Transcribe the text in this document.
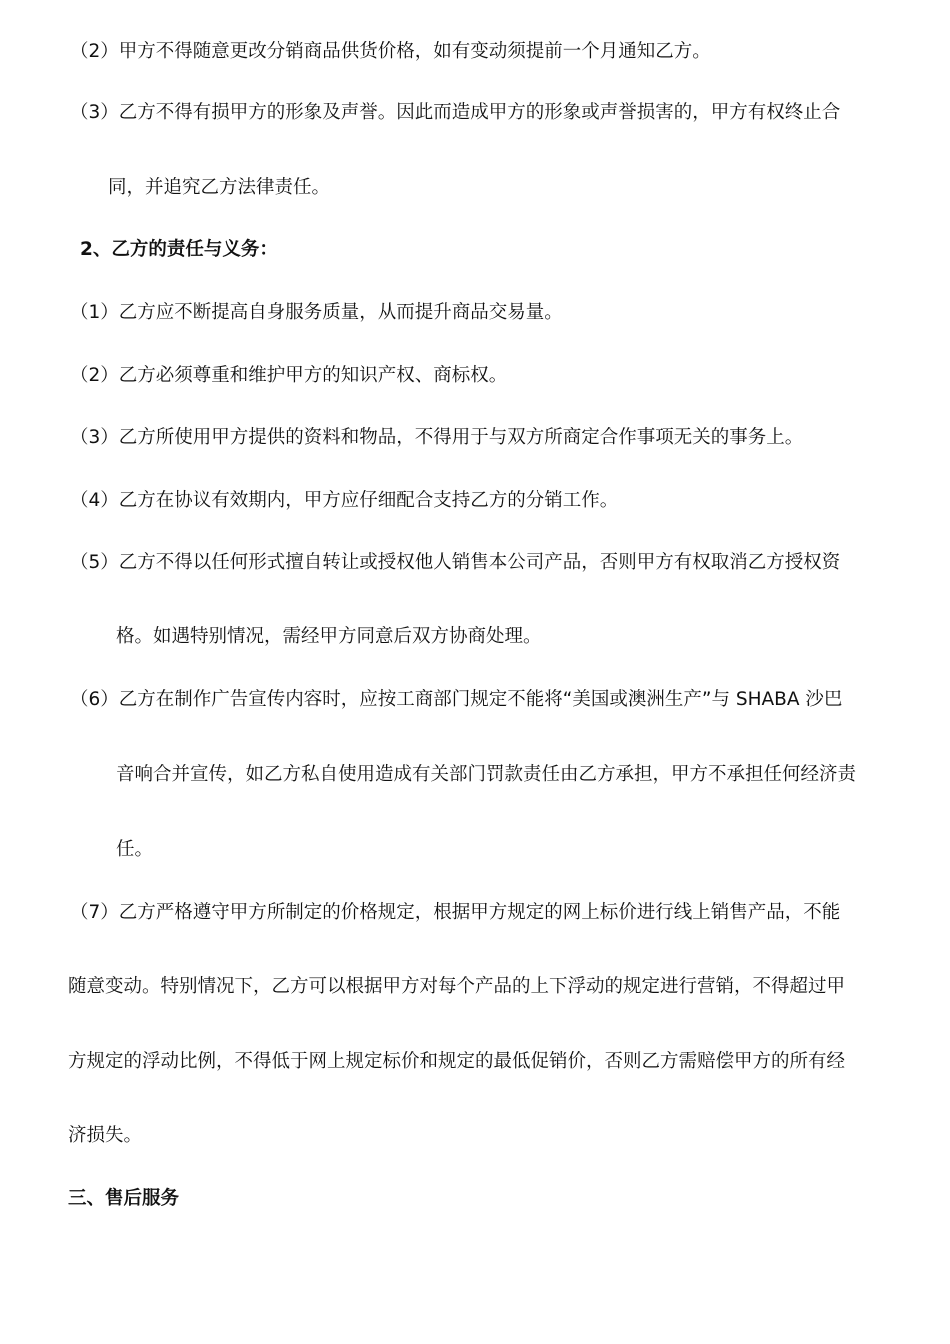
（2）甲方不得随意更改分销商品供货价格，如有变动须提前一个月通知乙方。
（3）乙方不得有损甲方的形象及声誉。因此而造成甲方的形象或声誉损害的，甲方有权终止合
同，并追究乙方法律责任。
2、乙方的责任与义务：
（1）乙方应不断提高自身服务质量，从而提升商品交易量。
（2）乙方必须尊重和维护甲方的知识产权、商标权。
（3）乙方所使用甲方提供的资料和物品，不得用于与双方所商定合作事项无关的事务上。
（4）乙方在协议有效期内，甲方应仔细配合支持乙方的分销工作。
（5）乙方不得以任何形式擅自转让或授权他人销售本公司产品，否则甲方有权取消乙方授权资
格。如遇特别情况，需经甲方同意后双方协商处理。
（6）乙方在制作广告宣传内容时，应按工商部门规定不能将“美国或澳洲生产”与 SHABA 沙巴
音响合并宣传，如乙方私自使用造成有关部门罚款责任由乙方承担，甲方不承担任何经济责
任。
（7）乙方严格遵守甲方所制定的价格规定，根据甲方规定的网上标价进行线上销售产品，不能
随意变动。特别情况下，乙方可以根据甲方对每个产品的上下浮动的规定进行营销，不得超过甲
方规定的浮动比例，不得低于网上规定标价和规定的最低促销价，否则乙方需赔偿甲方的所有经
济损失。
三、售后服务
